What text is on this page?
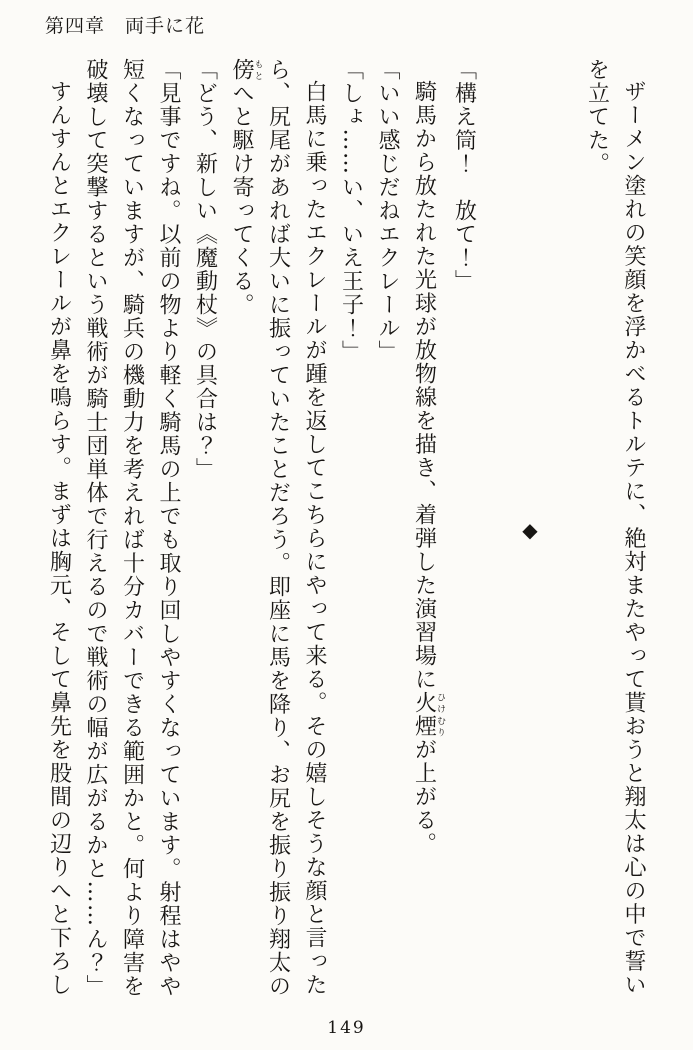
第四章　両手に花

ザーメン塗れの笑顔を浮かべるトルテに、絶対またやって貰おうと翔太は心の中で誓いを立てた。

◆

「構え筒！　放て！」

騎馬から放たれた光球が放物線を描き、着弾した演習場に火煙ひけむりが上がる。

「いい感じだねエクレール」

「しょ……い、いえ王子！」

白馬に乗ったエクレールが踵を返してこちらにやって来る。その嬉しそうな顔と言ったら、尻尾があれば大いに振っていたことだろう。即座に馬を降り、お尻を振り振り翔太の傍もとへと駆け寄ってくる。

「どう、新しい《魔動杖》の具合は？」

「見事ですね。以前の物より軽く騎馬の上でも取り回しやすくなっています。射程はやや短くなっていますが、騎兵の機動力を考えれば十分カバーできる範囲かと。何より障害を破壊して突撃するという戦術が騎士団単体で行えるので戦術の幅が広がるかと……ん？」

すんすんとエクレールが鼻を鳴らす。まずは胸元、そして鼻先を股間の辺りへと下ろし

149
